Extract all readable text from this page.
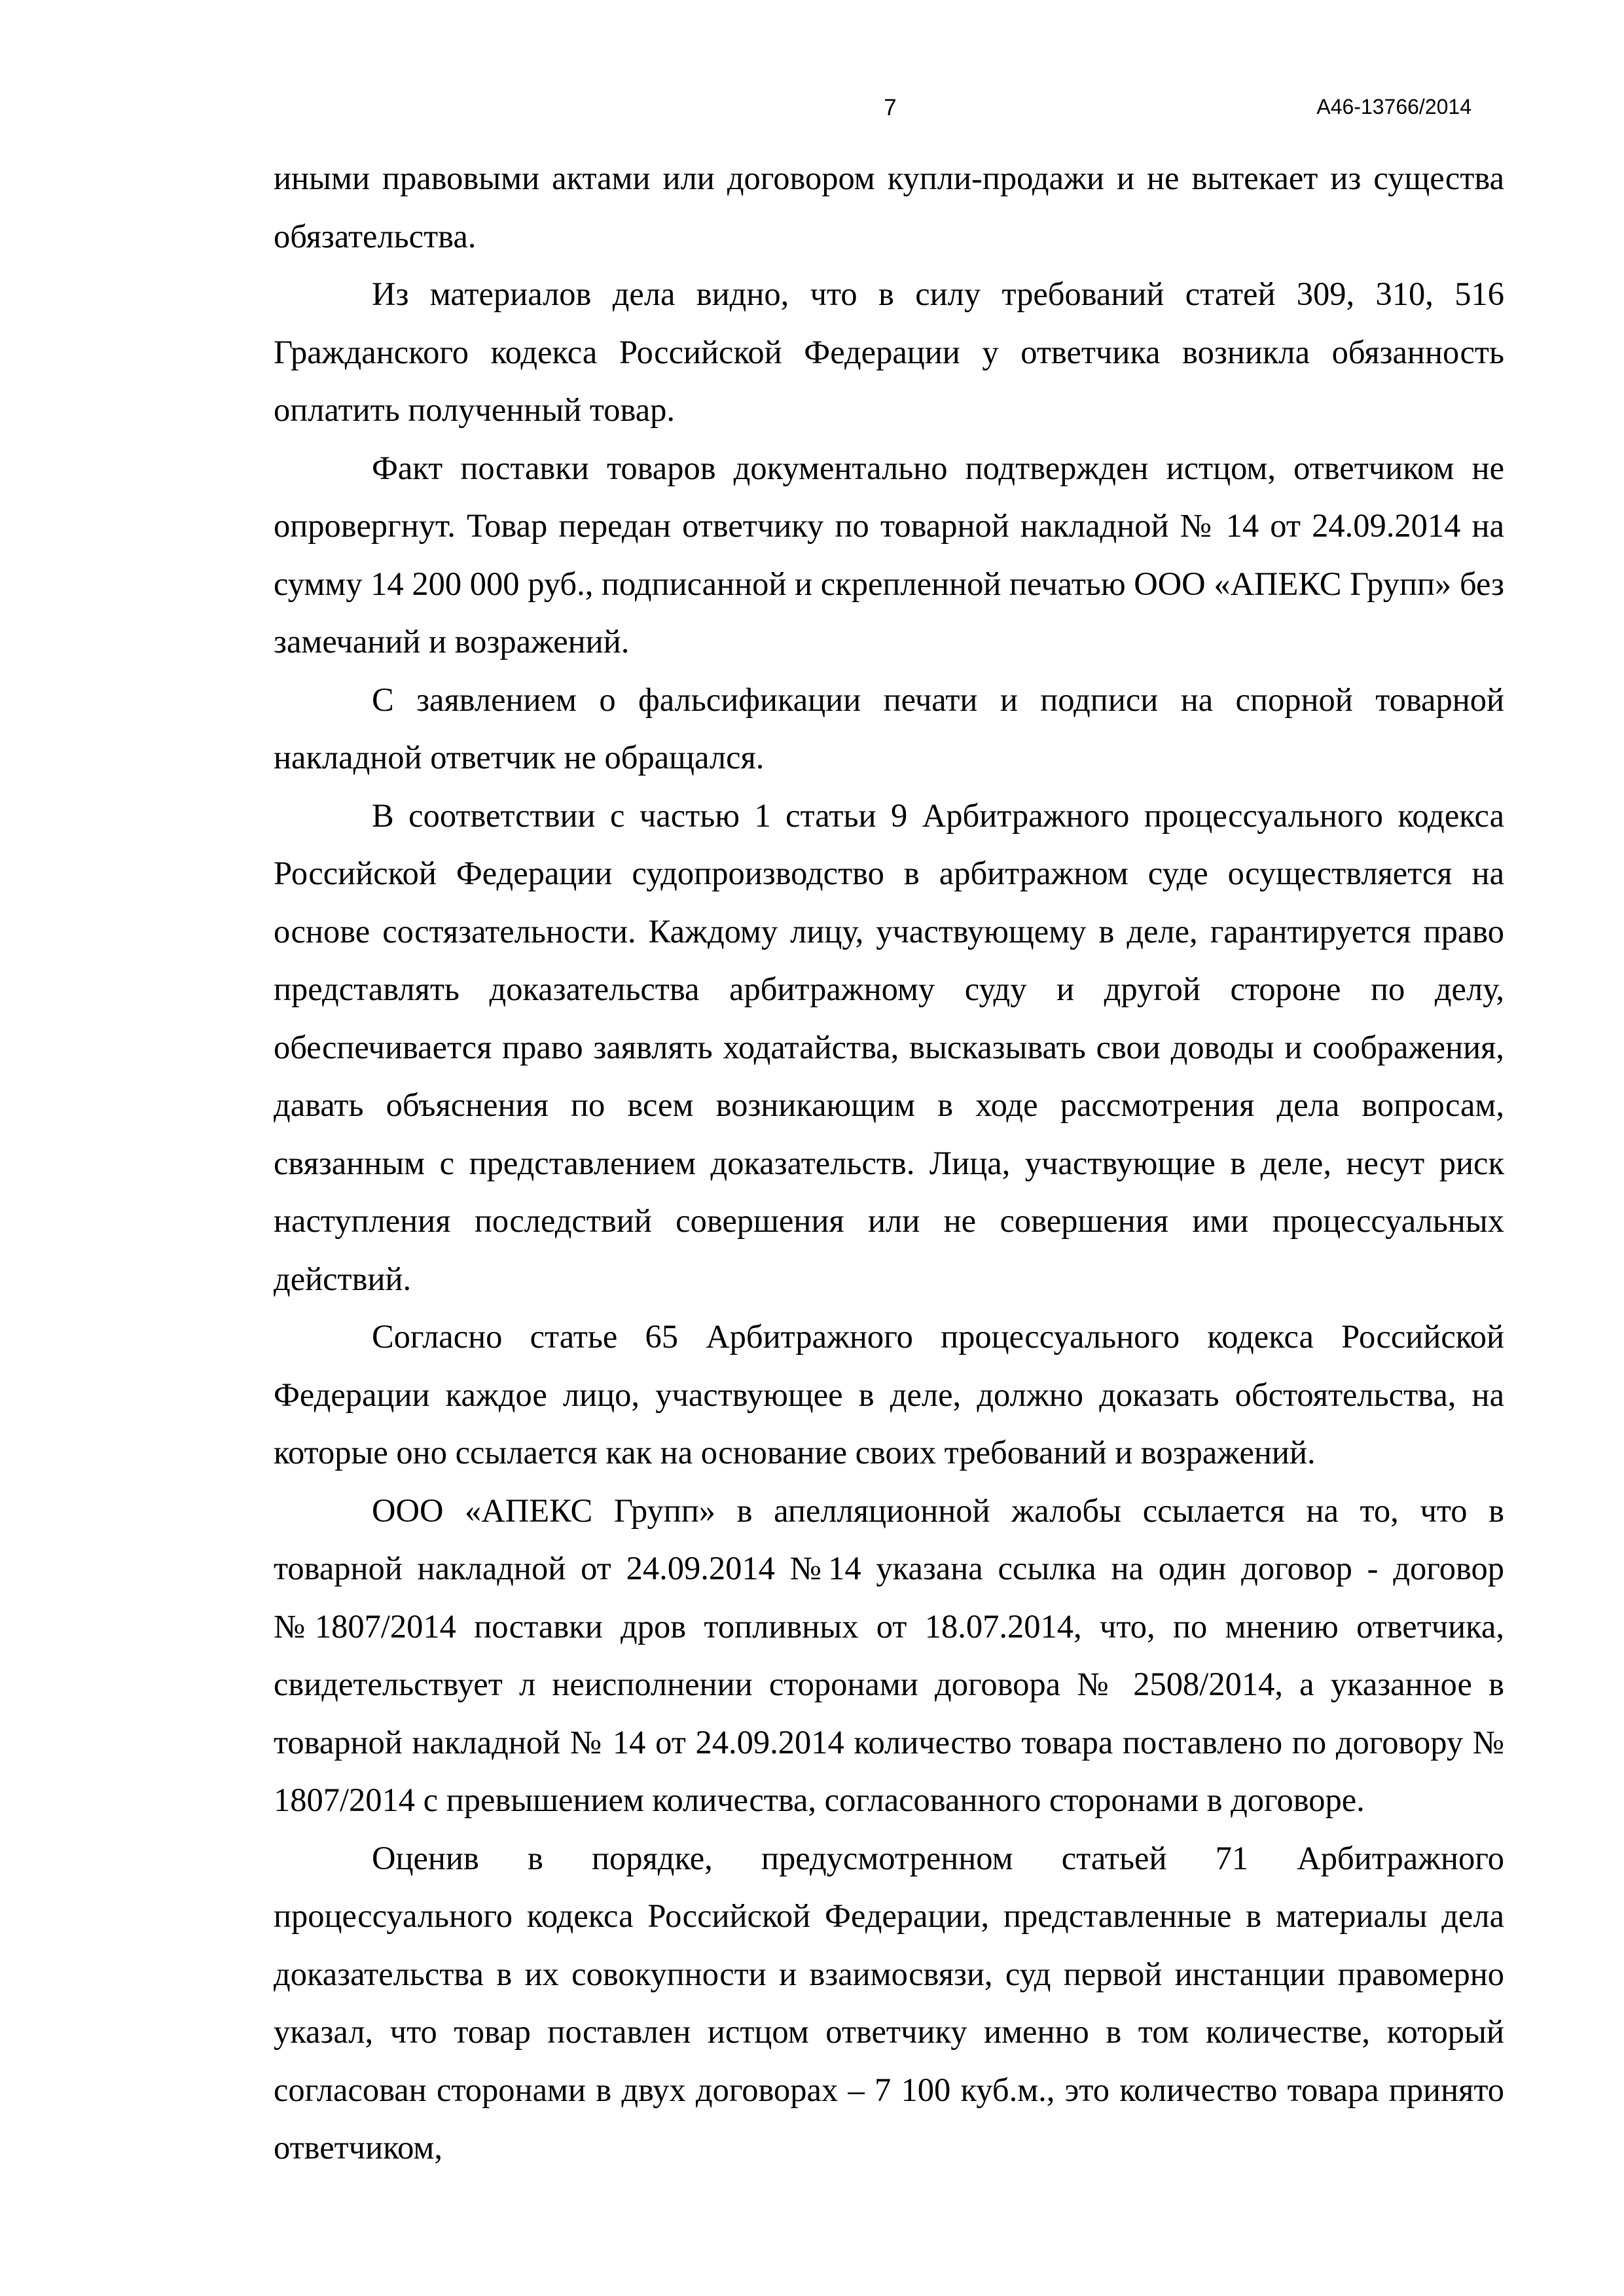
7	А46-13766/2014

иными правовыми актами или договором купли-продажи и не вытекает из существа обязательства.

Из материалов дела видно, что в силу требований статей 309, 310, 516 Гражданского кодекса Российской Федерации у ответчика возникла обязанность оплатить полученный товар.

Факт поставки товаров документально подтвержден истцом, ответчиком не опровергнут. Товар передан ответчику по товарной накладной № 14 от 24.09.2014 на сумму 14 200 000 руб., подписанной и скрепленной печатью ООО «АПЕКС Групп» без замечаний и возражений.

С заявлением о фальсификации печати и подписи на спорной товарной накладной ответчик не обращался.

В соответствии с частью 1 статьи 9 Арбитражного процессуального кодекса Российской Федерации судопроизводство в арбитражном суде осуществляется на основе состязательности. Каждому лицу, участвующему в деле, гарантируется право представлять доказательства арбитражному суду и другой стороне по делу, обеспечивается право заявлять ходатайства, высказывать свои доводы и соображения, давать объяснения по всем возникающим в ходе рассмотрения дела вопросам, связанным с представлением доказательств. Лица, участвующие в деле, несут риск наступления последствий совершения или не совершения ими процессуальных действий.

Согласно статье 65 Арбитражного процессуального кодекса Российской Федерации каждое лицо, участвующее в деле, должно доказать обстоятельства, на которые оно ссылается как на основание своих требований и возражений.

ООО «АПЕКС Групп» в апелляционной жалобы ссылается на то, что в товарной накладной от 24.09.2014 №14 указана ссылка на один договор - договор №1807/2014 поставки дров топливных от 18.07.2014, что, по мнению ответчика, свидетельствует л неисполнении сторонами договора № 2508/2014, а указанное в товарной накладной № 14 от 24.09.2014 количество товара поставлено по договору № 1807/2014 с превышением количества, согласованного сторонами в договоре.

Оценив в порядке, предусмотренном статьей 71 Арбитражного процессуального кодекса Российской Федерации, представленные в материалы дела доказательства в их совокупности и взаимосвязи, суд первой инстанции правомерно указал, что товар поставлен истцом ответчику именно в том количестве, который согласован сторонами в двух договорах – 7 100 куб.м., это количество товара принято ответчиком,
